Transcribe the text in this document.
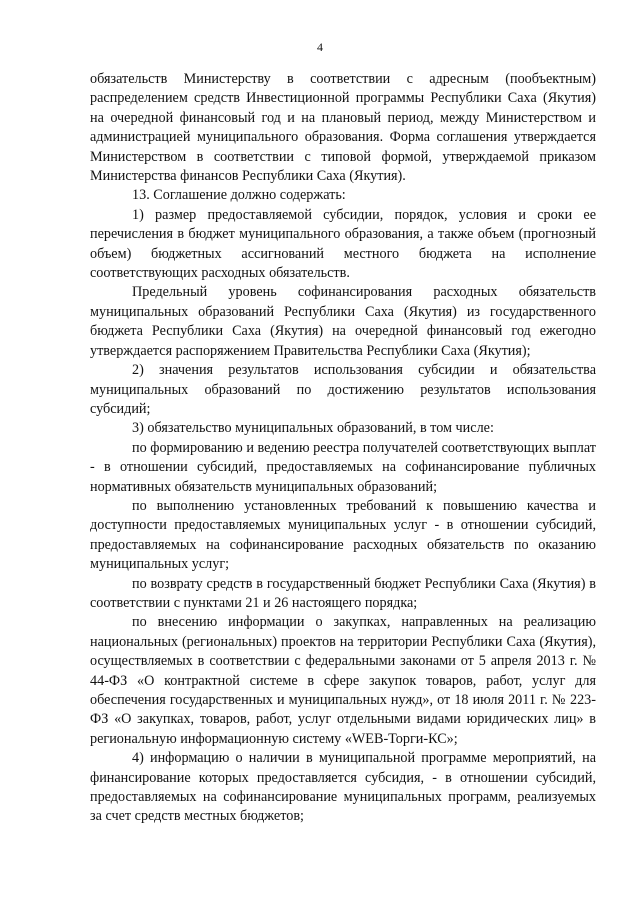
4

обязательств Министерству в соответствии с адресным (пообъектным) распределением средств Инвестиционной программы Республики Саха (Якутия) на очередной финансовый год и на плановый период, между Министерством и администрацией муниципального образования. Форма соглашения утверждается Министерством в соответствии с типовой формой, утверждаемой приказом Министерства финансов Республики Саха (Якутия).

13. Соглашение должно содержать:

1) размер предоставляемой субсидии, порядок, условия и сроки ее перечисления в бюджет муниципального образования, а также объем (прогнозный объем) бюджетных ассигнований местного бюджета на исполнение соответствующих расходных обязательств.

Предельный уровень софинансирования расходных обязательств муниципальных образований Республики Саха (Якутия) из государственного бюджета Республики Саха (Якутия) на очередной финансовый год ежегодно утверждается распоряжением Правительства Республики Саха (Якутия);

2) значения результатов использования субсидии и обязательства муниципальных образований по достижению результатов использования субсидий;

3) обязательство муниципальных образований, в том числе:

по формированию и ведению реестра получателей соответствующих выплат - в отношении субсидий, предоставляемых на софинансирование публичных нормативных обязательств муниципальных образований;

по выполнению установленных требований к повышению качества и доступности предоставляемых муниципальных услуг - в отношении субсидий, предоставляемых на софинансирование расходных обязательств по оказанию муниципальных услуг;

по возврату средств в государственный бюджет Республики Саха (Якутия) в соответствии с пунктами 21 и 26 настоящего порядка;

по внесению информации о закупках, направленных на реализацию национальных (региональных) проектов на территории Республики Саха (Якутия), осуществляемых в соответствии с федеральными законами от 5 апреля 2013 г. № 44-ФЗ «О контрактной системе в сфере закупок товаров, работ, услуг для обеспечения государственных и муниципальных нужд», от 18 июля 2011 г. № 223-ФЗ «О закупках, товаров, работ, услуг отдельными видами юридических лиц» в региональную информационную систему «WEB-Торги-КС»;

4) информацию о наличии в муниципальной программе мероприятий, на финансирование которых предоставляется субсидия, - в отношении субсидий, предоставляемых на софинансирование муниципальных программ, реализуемых за счет средств местных бюджетов;
